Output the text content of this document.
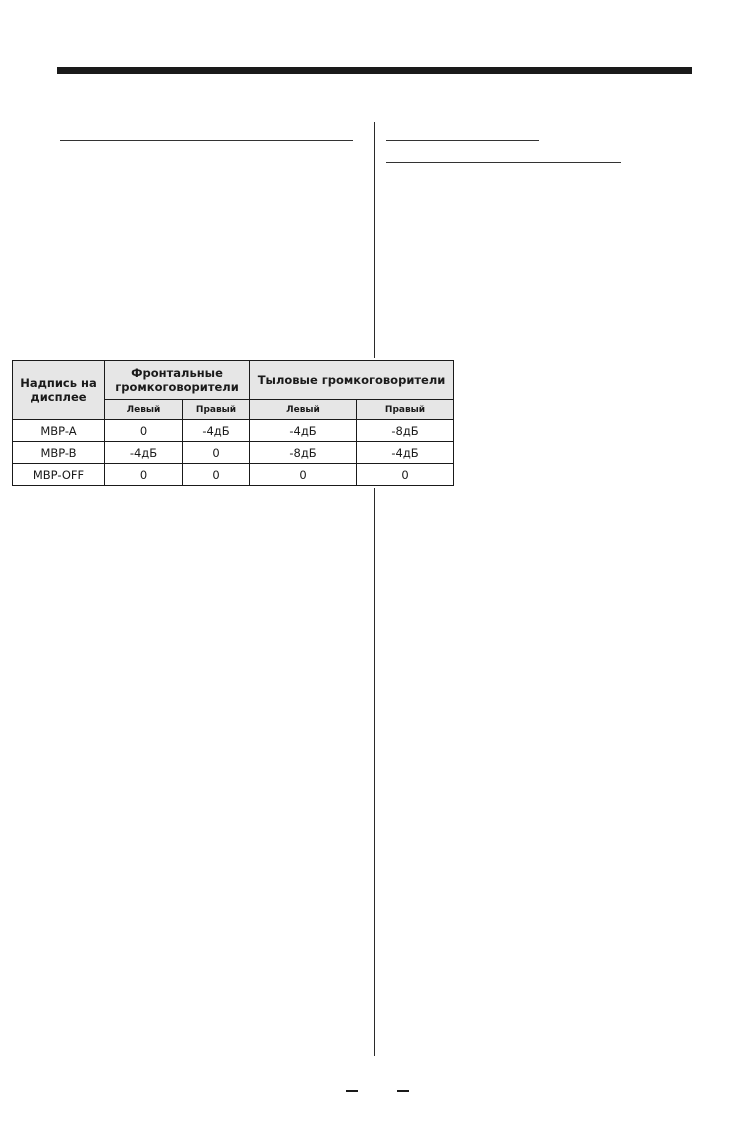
Надпись на дисплее	Фронтальные громкоговорители		Тыловые громкоговорители	
	Левый	Правый	Левый	Правый
MBP-A	0	-4дБ	-4дБ	-8дБ
MBP-B	-4дБ	0	-8дБ	-4дБ
MBP-OFF	0	0	0	0
